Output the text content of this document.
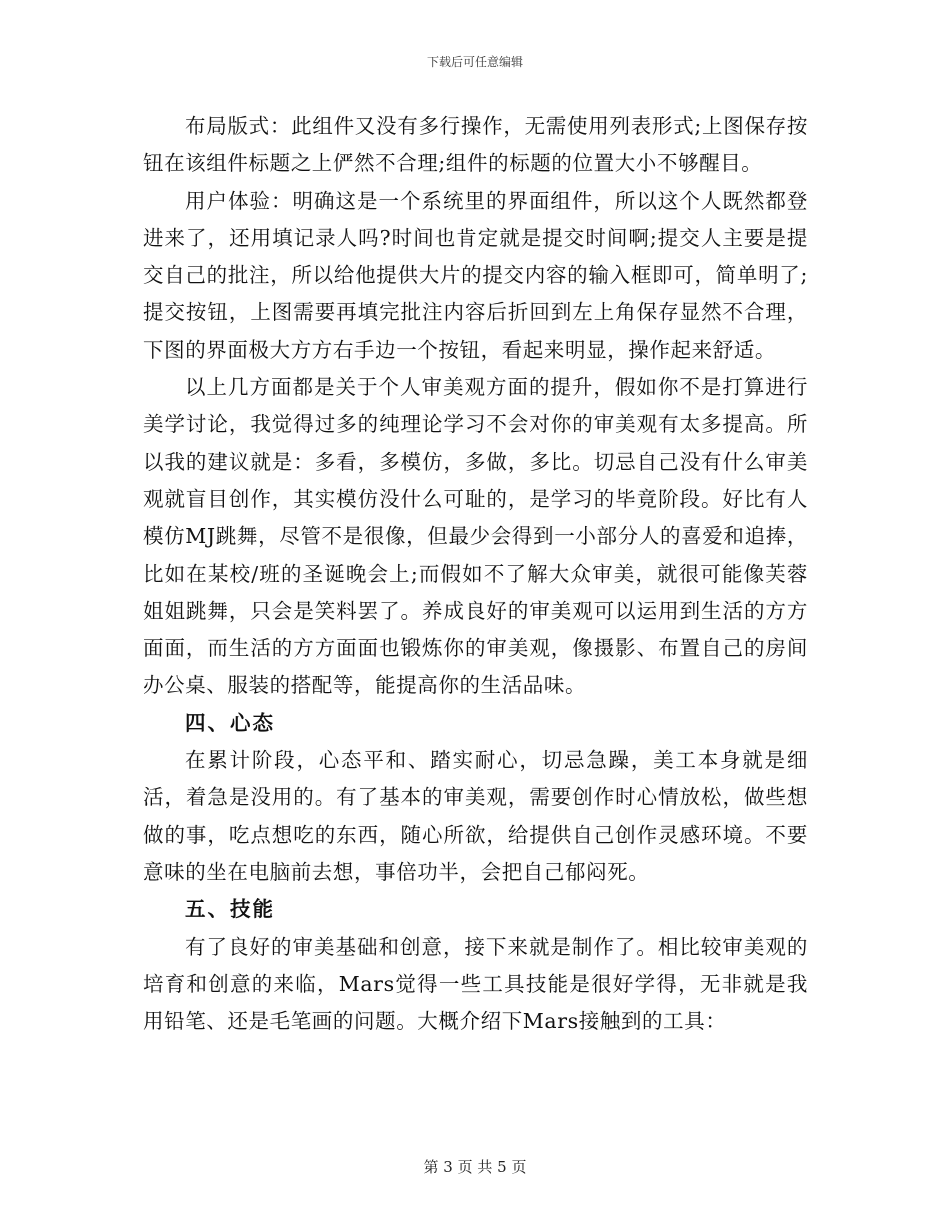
下载后可任意编辑

布局版式：此组件又没有多行操作，无需使用列表形式;上图保存按钮在该组件标题之上俨然不合理;组件的标题的位置大小不够醒目。

用户体验：明确这是一个系统里的界面组件，所以这个人既然都登进来了，还用填记录人吗?时间也肯定就是提交时间啊;提交人主要是提交自己的批注，所以给他提供大片的提交内容的输入框即可，简单明了;提交按钮，上图需要再填完批注内容后折回到左上角保存显然不合理，下图的界面极大方方右手边一个按钮，看起来明显，操作起来舒适。

以上几方面都是关于个人审美观方面的提升，假如你不是打算进行美学讨论，我觉得过多的纯理论学习不会对你的审美观有太多提高。所以我的建议就是：多看，多模仿，多做，多比。切忌自己没有什么审美观就盲目创作，其实模仿没什么可耻的，是学习的毕竟阶段。好比有人模仿MJ跳舞，尽管不是很像，但最少会得到一小部分人的喜爱和追捧，比如在某校/班的圣诞晚会上;而假如不了解大众审美，就很可能像芙蓉姐姐跳舞，只会是笑料罢了。养成良好的审美观可以运用到生活的方方面面，而生活的方方面面也锻炼你的审美观，像摄影、布置自己的房间办公桌、服装的搭配等，能提高你的生活品味。

四、心态

在累计阶段，心态平和、踏实耐心，切忌急躁，美工本身就是细活，着急是没用的。有了基本的审美观，需要创作时心情放松，做些想做的事，吃点想吃的东西，随心所欲，给提供自己创作灵感环境。不要意味的坐在电脑前去想，事倍功半，会把自己郁闷死。

五、技能

有了良好的审美基础和创意，接下来就是制作了。相比较审美观的培育和创意的来临，Mars觉得一些工具技能是很好学得，无非就是我用铅笔、还是毛笔画的问题。大概介绍下Mars接触到的工具：

第 3 页 共 5 页
